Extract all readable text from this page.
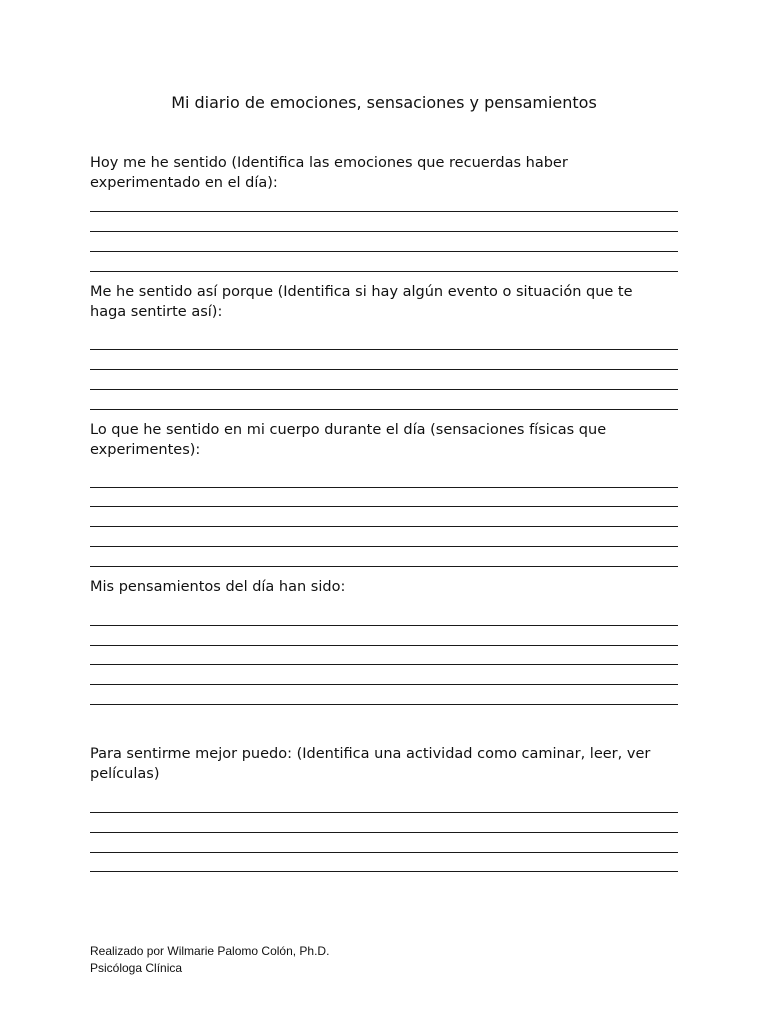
Mi diario de emociones, sensaciones y pensamientos
Hoy me he sentido (Identifica las emociones que recuerdas haber
experimentado en el día):
Me he sentido así porque (Identifica si hay algún evento o situación que te
haga sentirte así):
Lo que he sentido en mi cuerpo durante el día (sensaciones físicas que
experimentes):
Mis pensamientos del día han sido:
Para sentirme mejor puedo: (Identifica una actividad como caminar, leer, ver
películas)
Realizado por Wilmarie Palomo Colón, Ph.D.
Psicóloga Clínica
